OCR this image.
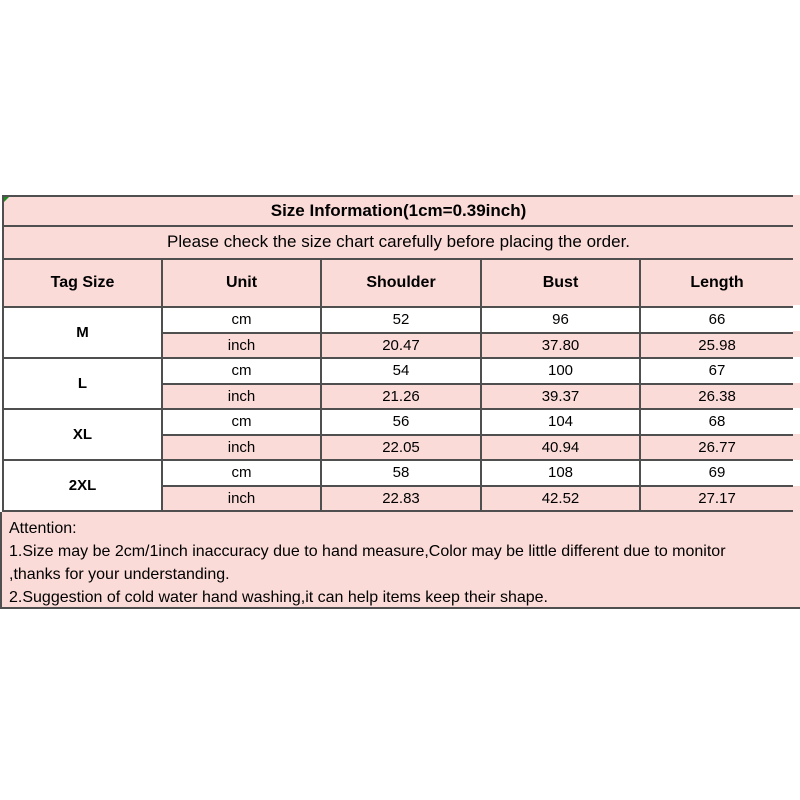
Size Information(1cm=0.39inch)				
Please check the size chart carefully before placing the order.				
Tag Size	Unit	Shoulder	Bust	Length
M	cm	52	96	66
	inch	20.47	37.80	25.98
L	cm	54	100	67
	inch	21.26	39.37	26.38
XL	cm	56	104	68
	inch	22.05	40.94	26.77
2XL	cm	58	108	69
	inch	22.83	42.52	27.17
Attention:
1.Size may be 2cm/1inch inaccuracy due to hand measure,Color may be little different due to monitor
,thanks for your understanding.
2.Suggestion of cold water hand washing,it can help items keep their shape.
